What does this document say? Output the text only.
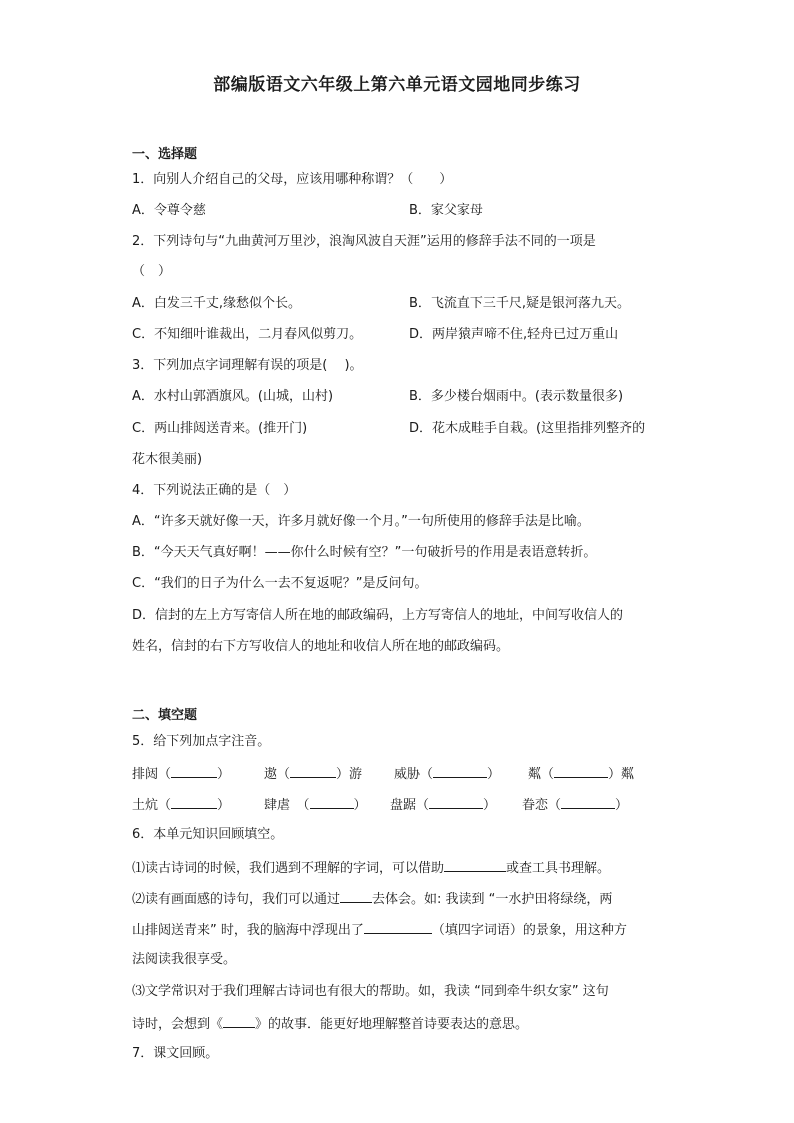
部编版语文六年级上第六单元语文园地同步练习
一、选择题
1．向别人介绍自己的父母，应该用哪种称谓？（　　）
A．令尊令慈	B．家父家母
2．下列诗句与“九曲黄河万里沙，浪淘风波自天涯”运用的修辞手法不同的一项是
（　）
A．白发三千丈,缘愁似个长。	B．飞流直下三千尺,疑是银河落九天。
C．不知细叶谁裁出，二月春风似剪刀。	D．两岸猿声啼不住,轻舟已过万重山
3．下列加点字词理解有误的项是(　 )。
A．水村山郭酒旗风。(山城，山村)	B．多少楼台烟雨中。(表示数量很多)
C．两山排闼送青来。(推开门)	D．花木成畦手自栽。(这里指排列整齐的
花木很美丽)
4．下列说法正确的是（　）
A．“许多天就好像一天，许多月就好像一个月。”一句所使用的修辞手法是比喻。
B．“今天天气真好啊！——你什么时候有空？”一句破折号的作用是表语意转折。
C．“我们的日子为什么一去不复返呢？”是反问句。
D．信封的左上方写寄信人所在地的邮政编码，上方写寄信人的地址，中间写收信人的
姓名，信封的右下方写收信人的地址和收信人所在地的邮政编码。
二、填空题
5．给下列加点字注音。
排闼（	）	遨（	）游 威胁（	） 粼（	）粼
土炕（	）	肆虐　（	） 盘踞（	） 眷恋（	）
6．本单元知识回顾填空。
⑴读古诗词的时候，我们遇到不理解的字词，可以借助	或查工具书理解。
⑵读有画面感的诗句，我们可以通过 去体会。如: 我读到 “一水护田将绿绕，两
山排闼送青来” 时，我的脑海中浮现出了	（填四字词语）的景象，用这种方
法阅读我很享受。
⑶文学常识对于我们理解古诗词也有很大的帮助。如，我读 “同到牵牛织女家” 这句
诗时，会想到《 》的故事．能更好地理解整首诗要表达的意思。
7．课文回顾。
